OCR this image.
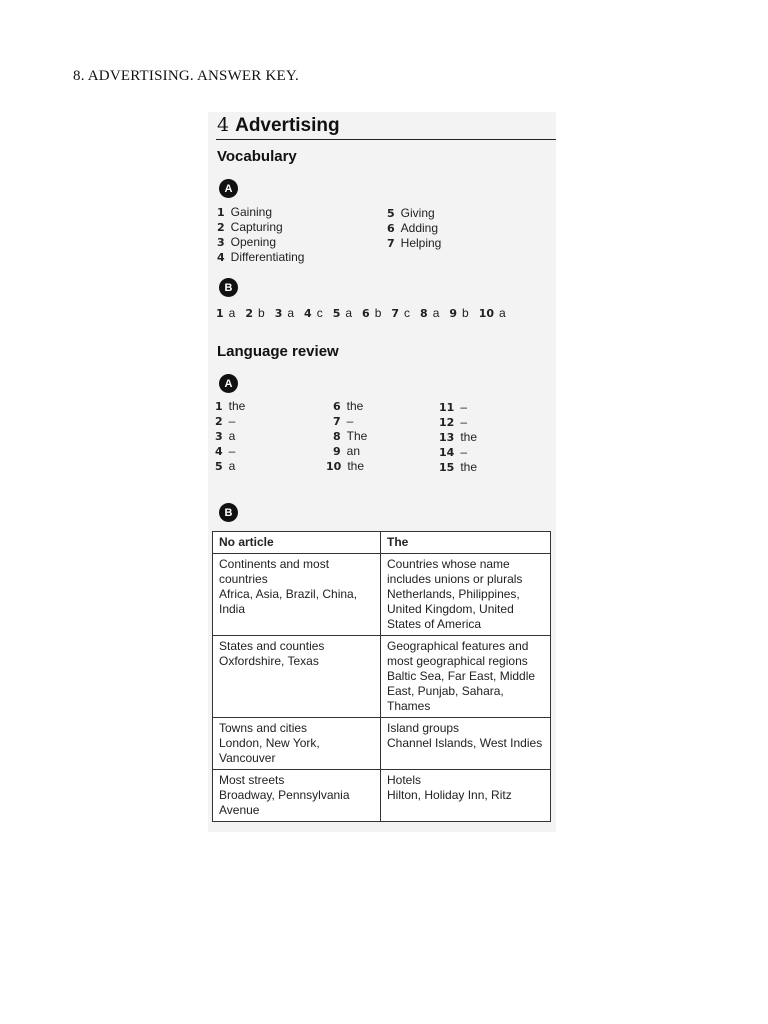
8. ADVERTISING. ANSWER KEY.
4 Advertising
Vocabulary
A
1 Gaining
2 Capturing
3 Opening
4 Differentiating
5 Giving
6 Adding
7 Helping
B
1 a 2 b 3 a 4 c 5 a 6 b 7 c 8 a 9 b 10 a
Language review
A
1 the
2 –
3 a
4 –
5 a
6 the
7 –
8 The
9 an
10 the
11 –
12 –
13 the
14 –
15 the
B
No article	The

Continents and most
countries
Africa, Asia, Brazil, China,
India	Countries whose name
includes unions or plurals
Netherlands, Philippines,
United Kingdom, United
States of America

States and counties
Oxfordshire, Texas	Geographical features and
most geographical regions
Baltic Sea, Far East, Middle
East, Punjab, Sahara,
Thames

Towns and cities
London, New York,
Vancouver	Island groups
Channel Islands, West Indies

Most streets
Broadway, Pennsylvania
Avenue	Hotels
Hilton, Holiday Inn, Ritz
